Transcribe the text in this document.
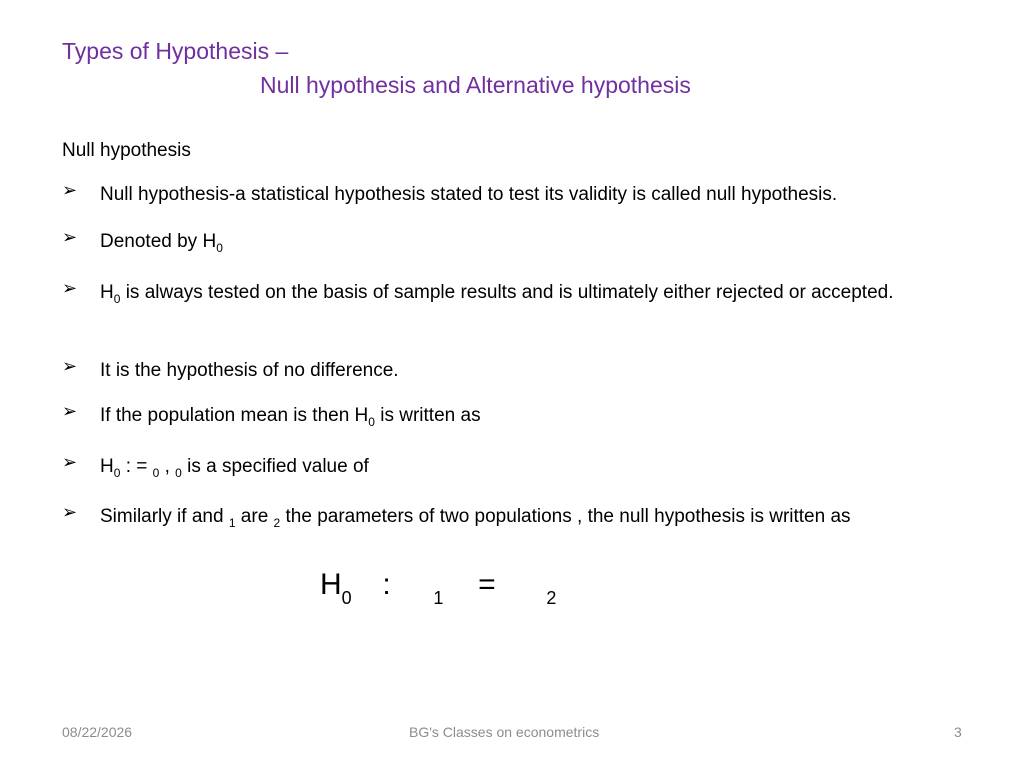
Types of Hypothesis –
Null hypothesis and Alternative hypothesis
Null hypothesis
➢ Null hypothesis-a statistical hypothesis stated to test its validity is called null hypothesis.
➢ Denoted by $H_0$
➢ $H_0$ is always tested on the basis of sample results and is ultimately either rejected or accepted.
➢ It is the hypothesis of no difference.
➢ If the population mean is then $H_0$ is written as
➢ $H_0$ : = $_0$ , $_0$ is a specified value of
➢ Similarly if and $_1$ are $_2$ the parameters of two populations , the null hypothesis is written as
$H_0$ : $_1$ =	$_2$
08/22/2026	BG's Classes on econometrics	3
